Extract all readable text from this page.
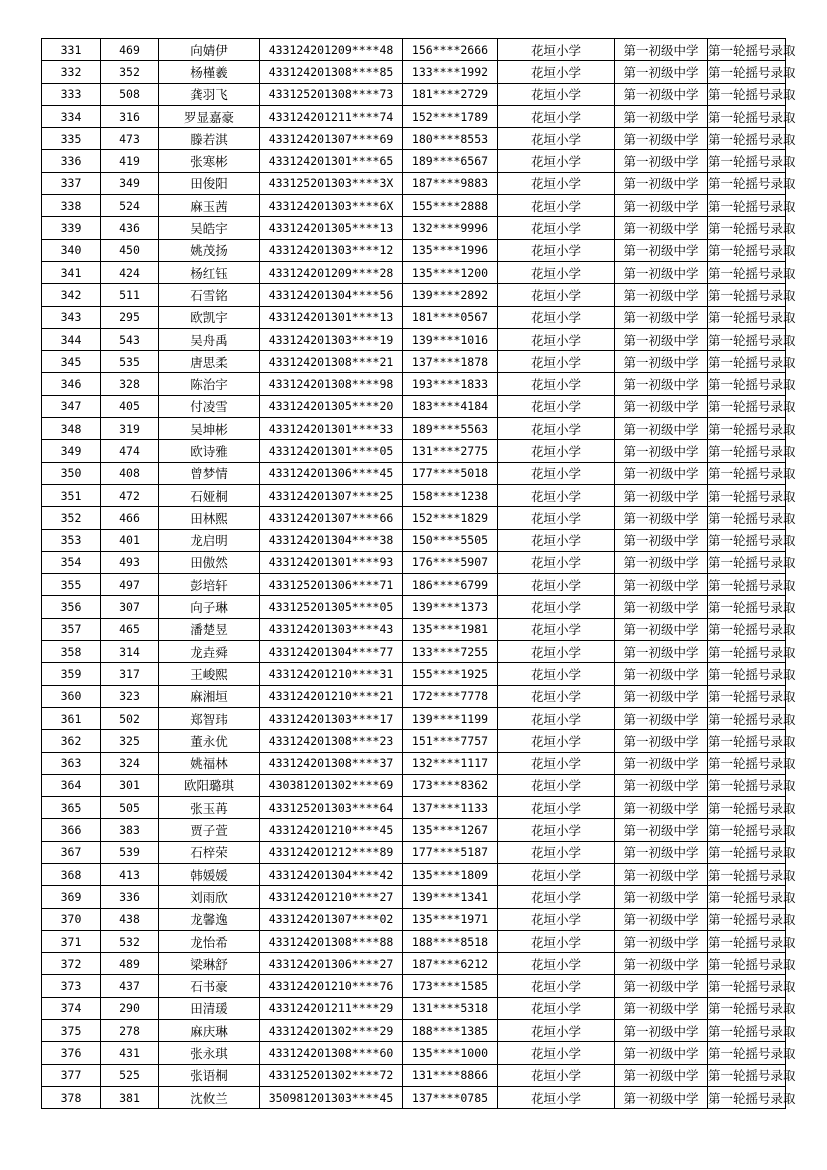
331	469	向婧伊	433124201209****48	156****2666	花垣小学	第一初级中学	第一轮摇号录取
332	352	杨槿羲	433124201308****85	133****1992	花垣小学	第一初级中学	第一轮摇号录取
333	508	龚羽飞	433125201308****73	181****2729	花垣小学	第一初级中学	第一轮摇号录取
334	316	罗显嘉豪	433124201211****74	152****1789	花垣小学	第一初级中学	第一轮摇号录取
335	473	滕若淇	433124201307****69	180****8553	花垣小学	第一初级中学	第一轮摇号录取
336	419	张寒彬	433124201301****65	189****6567	花垣小学	第一初级中学	第一轮摇号录取
337	349	田俊阳	433125201303****3X	187****9883	花垣小学	第一初级中学	第一轮摇号录取
338	524	麻玉茜	433124201303****6X	155****2888	花垣小学	第一初级中学	第一轮摇号录取
339	436	吴皓宇	433124201305****13	132****9996	花垣小学	第一初级中学	第一轮摇号录取
340	450	姚茂扬	433124201303****12	135****1996	花垣小学	第一初级中学	第一轮摇号录取
341	424	杨红钰	433124201209****28	135****1200	花垣小学	第一初级中学	第一轮摇号录取
342	511	石雪铭	433124201304****56	139****2892	花垣小学	第一初级中学	第一轮摇号录取
343	295	欧凯宇	433124201301****13	181****0567	花垣小学	第一初级中学	第一轮摇号录取
344	543	吴舟禹	433124201303****19	139****1016	花垣小学	第一初级中学	第一轮摇号录取
345	535	唐思柔	433124201308****21	137****1878	花垣小学	第一初级中学	第一轮摇号录取
346	328	陈治宇	433124201308****98	193****1833	花垣小学	第一初级中学	第一轮摇号录取
347	405	付凌雪	433124201305****20	183****4184	花垣小学	第一初级中学	第一轮摇号录取
348	319	吴坤彬	433124201301****33	189****5563	花垣小学	第一初级中学	第一轮摇号录取
349	474	欧诗雅	433124201301****05	131****2775	花垣小学	第一初级中学	第一轮摇号录取
350	408	曾梦情	433124201306****45	177****5018	花垣小学	第一初级中学	第一轮摇号录取
351	472	石娅桐	433124201307****25	158****1238	花垣小学	第一初级中学	第一轮摇号录取
352	466	田林熙	433124201307****66	152****1829	花垣小学	第一初级中学	第一轮摇号录取
353	401	龙启明	433124201304****38	150****5505	花垣小学	第一初级中学	第一轮摇号录取
354	493	田傲然	433124201301****93	176****5907	花垣小学	第一初级中学	第一轮摇号录取
355	497	彭培轩	433125201306****71	186****6799	花垣小学	第一初级中学	第一轮摇号录取
356	307	向子琳	433125201305****05	139****1373	花垣小学	第一初级中学	第一轮摇号录取
357	465	潘楚昱	433124201303****43	135****1981	花垣小学	第一初级中学	第一轮摇号录取
358	314	龙垚舜	433124201304****77	133****7255	花垣小学	第一初级中学	第一轮摇号录取
359	317	王峻熙	433124201210****31	155****1925	花垣小学	第一初级中学	第一轮摇号录取
360	323	麻湘垣	433124201210****21	172****7778	花垣小学	第一初级中学	第一轮摇号录取
361	502	郑智玮	433124201303****17	139****1199	花垣小学	第一初级中学	第一轮摇号录取
362	325	董永优	433124201308****23	151****7757	花垣小学	第一初级中学	第一轮摇号录取
363	324	姚福林	433124201308****37	132****1117	花垣小学	第一初级中学	第一轮摇号录取
364	301	欧阳璐琪	430381201302****69	173****8362	花垣小学	第一初级中学	第一轮摇号录取
365	505	张玉苒	433125201303****64	137****1133	花垣小学	第一初级中学	第一轮摇号录取
366	383	贾子萱	433124201210****45	135****1267	花垣小学	第一初级中学	第一轮摇号录取
367	539	石梓荣	433124201212****89	177****5187	花垣小学	第一初级中学	第一轮摇号录取
368	413	韩媛媛	433124201304****42	135****1809	花垣小学	第一初级中学	第一轮摇号录取
369	336	刘雨欣	433124201210****27	139****1341	花垣小学	第一初级中学	第一轮摇号录取
370	438	龙馨逸	433124201307****02	135****1971	花垣小学	第一初级中学	第一轮摇号录取
371	532	龙怡希	433124201308****88	188****8518	花垣小学	第一初级中学	第一轮摇号录取
372	489	梁琳舒	433124201306****27	187****6212	花垣小学	第一初级中学	第一轮摇号录取
373	437	石书豪	433124201210****76	173****1585	花垣小学	第一初级中学	第一轮摇号录取
374	290	田清瑗	433124201211****29	131****5318	花垣小学	第一初级中学	第一轮摇号录取
375	278	麻庆琳	433124201302****29	188****1385	花垣小学	第一初级中学	第一轮摇号录取
376	431	张永琪	433124201308****60	135****1000	花垣小学	第一初级中学	第一轮摇号录取
377	525	张语桐	433125201302****72	131****8866	花垣小学	第一初级中学	第一轮摇号录取
378	381	沈攸兰	350981201303****45	137****0785	花垣小学	第一初级中学	第一轮摇号录取
